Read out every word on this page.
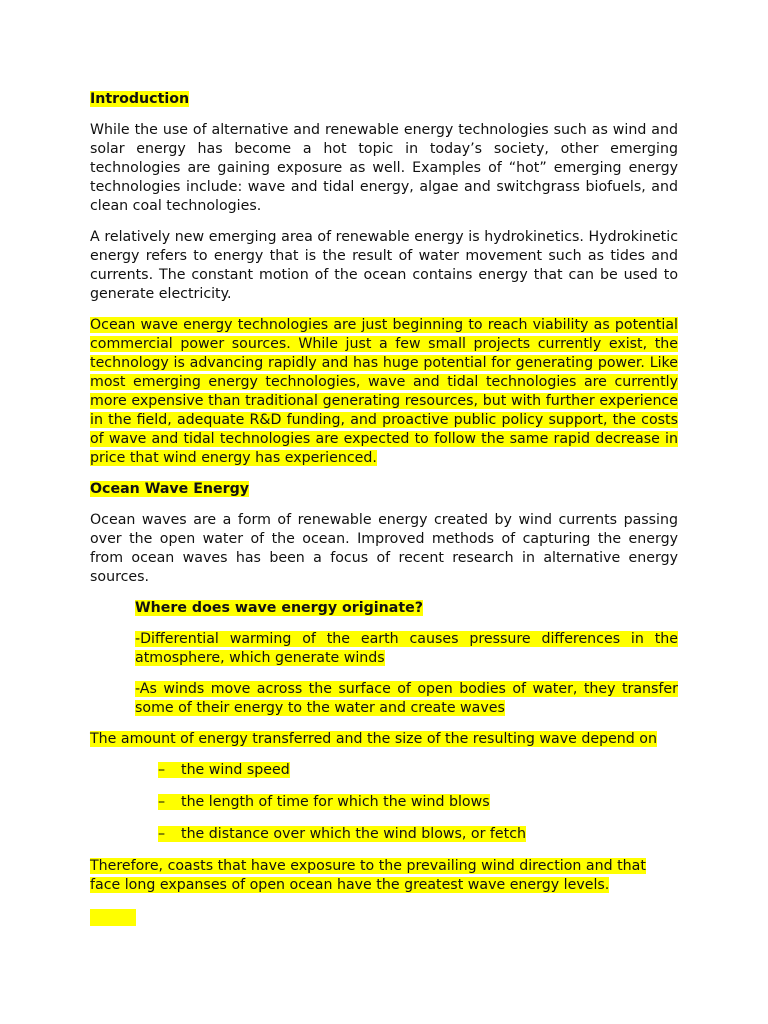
Introduction

While the use of alternative and renewable energy technologies such as wind and solar energy has become a hot topic in today’s society, other emerging technologies are gaining exposure as well. Examples of “hot” emerging energy technologies include: wave and tidal energy, algae and switchgrass biofuels, and clean coal technologies.

A relatively new emerging area of renewable energy is hydrokinetics. Hydrokinetic energy refers to energy that is the result of water movement such as tides and currents. The constant motion of the ocean contains energy that can be used to generate electricity.

Ocean wave energy technologies are just beginning to reach viability as potential commercial power sources. While just a few small projects currently exist, the technology is advancing rapidly and has huge potential for generating power. Like most emerging energy technologies, wave and tidal technologies are currently more expensive than traditional generating resources, but with further experience in the field, adequate R&D funding, and proactive public policy support, the costs of wave and tidal technologies are expected to follow the same rapid decrease in price that wind energy has experienced.

Ocean Wave Energy

Ocean waves are a form of renewable energy created by wind currents passing over the open water of the ocean. Improved methods of capturing the energy from ocean waves has been a focus of recent research in alternative energy sources.

Where does wave energy originate?

-Differential warming of the earth causes pressure differences in the atmosphere, which generate winds

-As winds move across the surface of open bodies of water, they transfer some of their energy to the water and create waves

The amount of energy transferred and the size of the resulting wave depend on

– the wind speed

– the length of time for which the wind blows

– the distance over which the wind blows, or fetch

Therefore, coasts that have exposure to the prevailing wind direction and that face long expanses of open ocean have the greatest wave energy levels.
